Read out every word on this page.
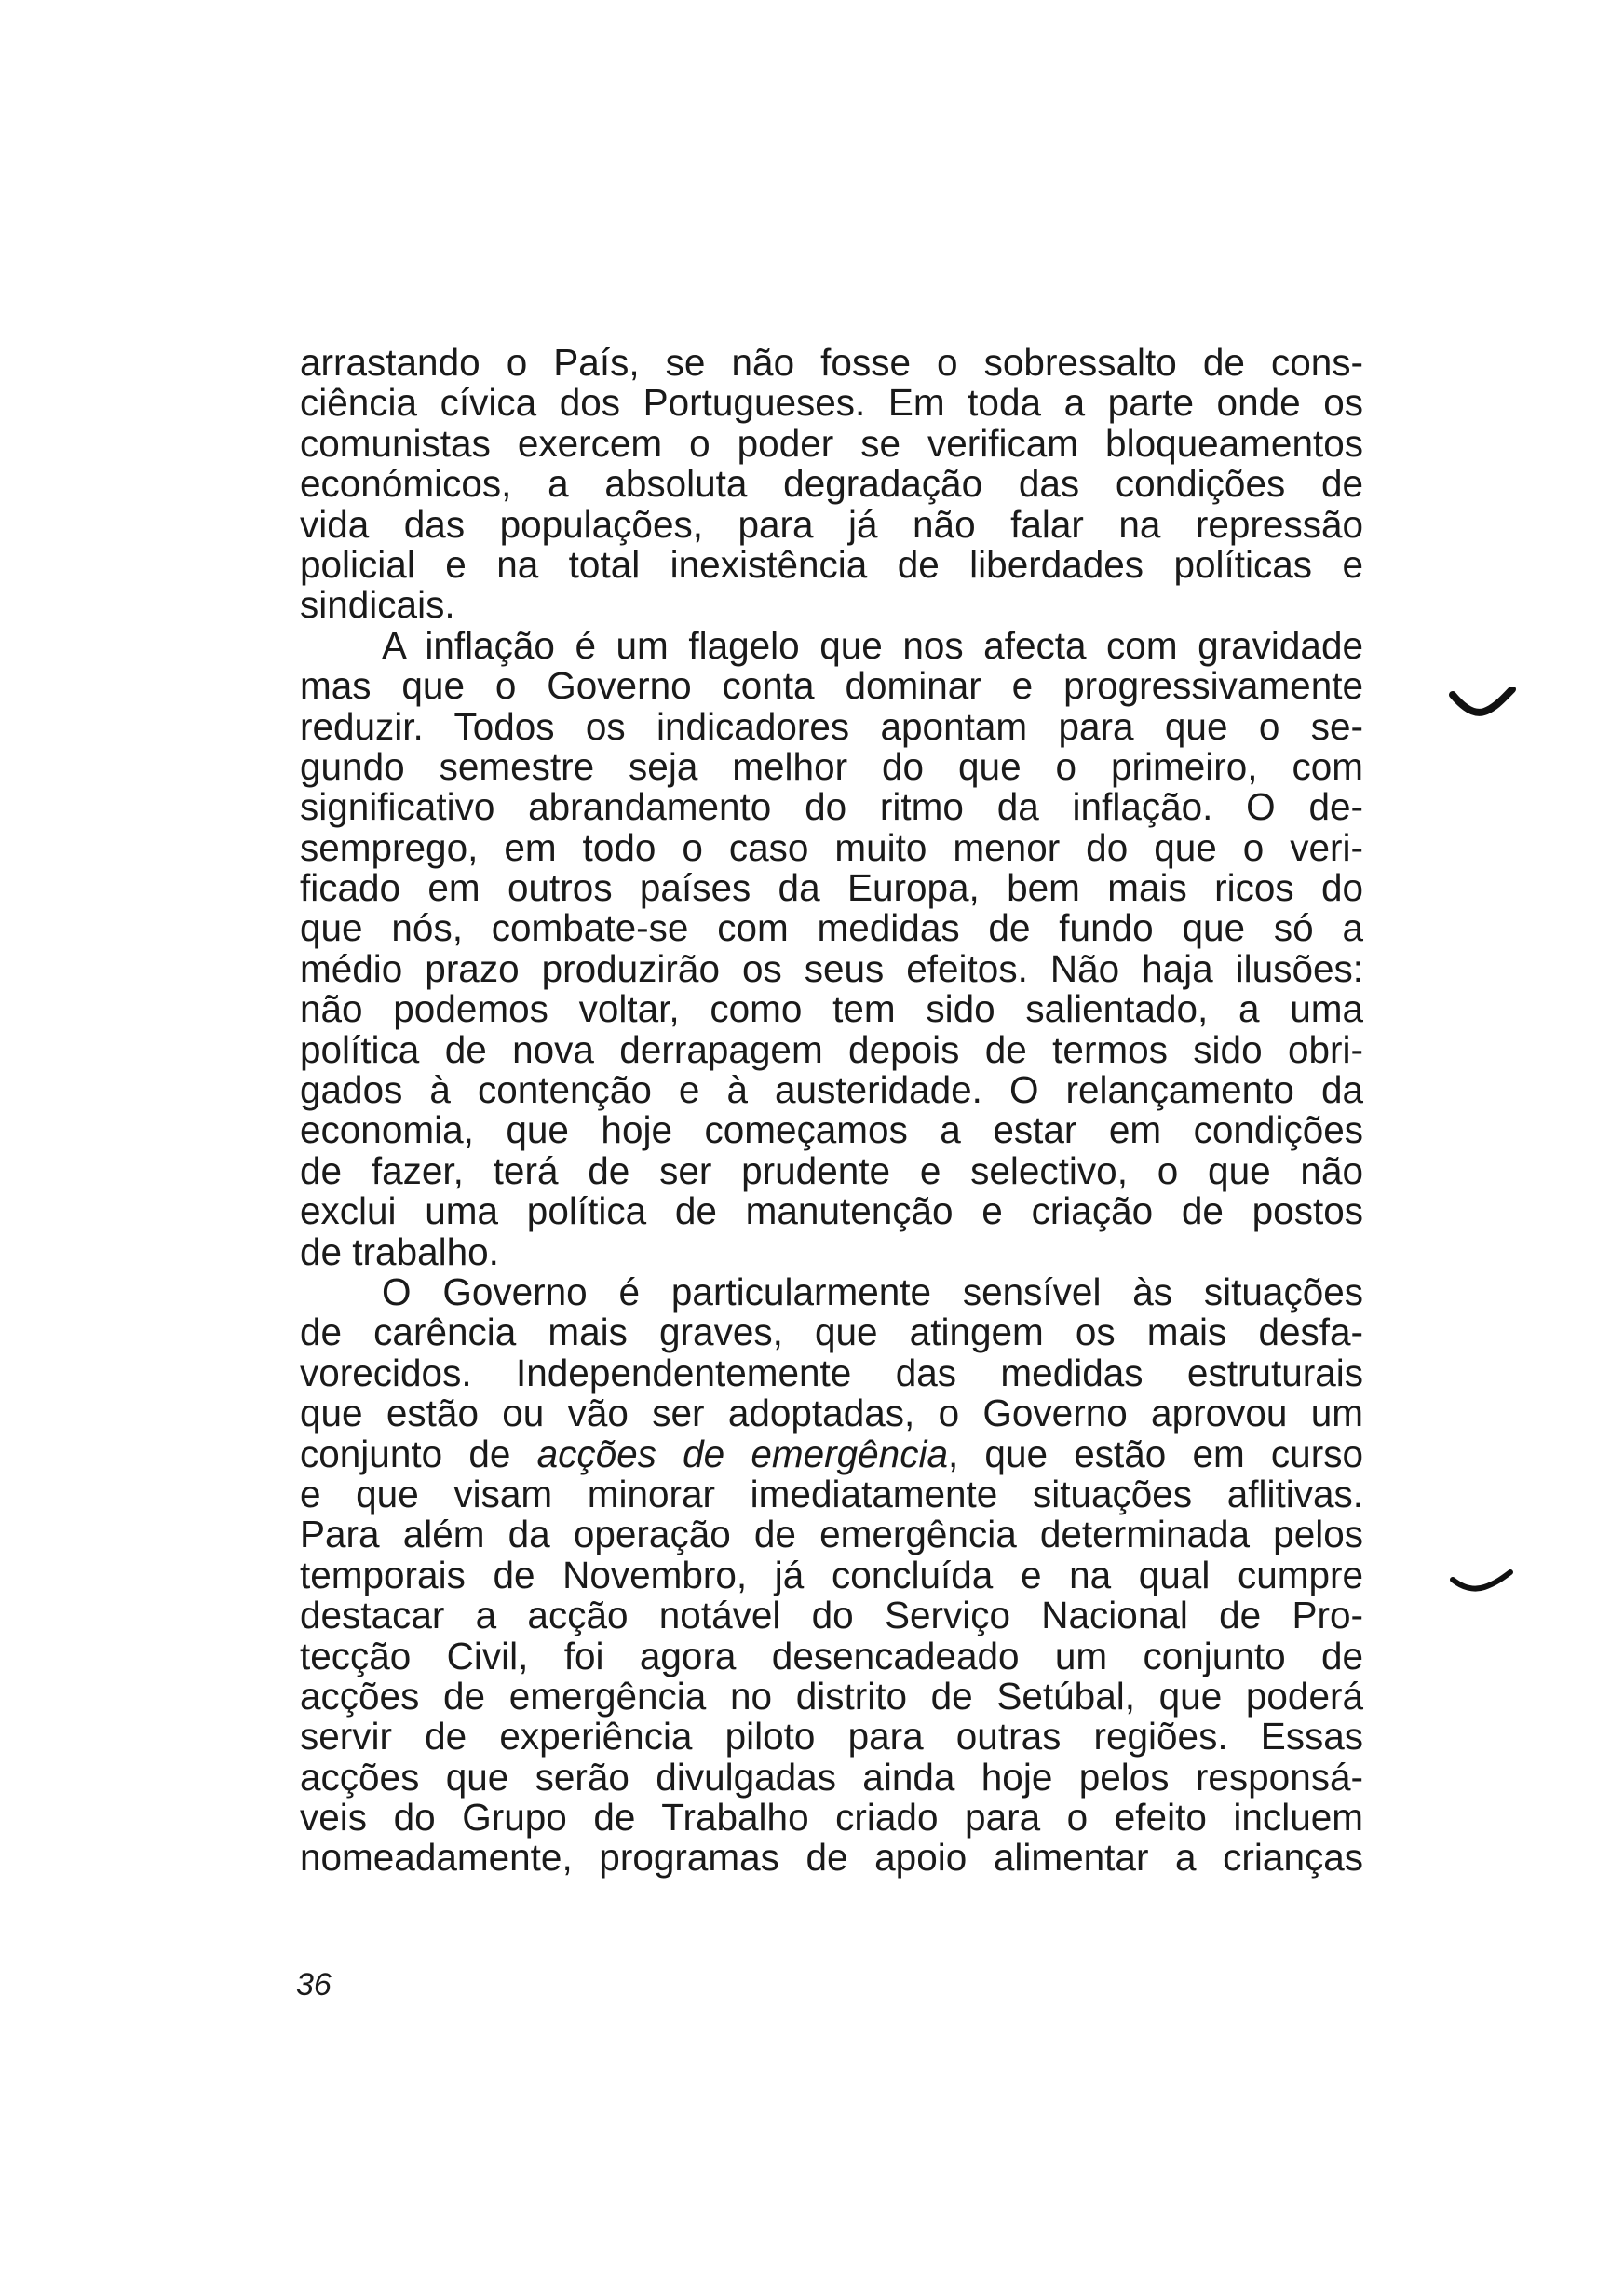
arrastando o País, se não fosse o sobressalto de cons-
ciência cívica dos Portugueses. Em toda a parte onde os
comunistas exercem o poder se verificam bloqueamentos
económicos, a absoluta degradação das condições de
vida das populações, para já não falar na repressão
policial e na total inexistência de liberdades políticas e
sindicais.
A inflação é um flagelo que nos afecta com gravidade
mas que o Governo conta dominar e progressivamente
reduzir. Todos os indicadores apontam para que o se-
gundo semestre seja melhor do que o primeiro, com
significativo abrandamento do ritmo da inflação. O de-
semprego, em todo o caso muito menor do que o veri-
ficado em outros países da Europa, bem mais ricos do
que nós, combate-se com medidas de fundo que só a
médio prazo produzirão os seus efeitos. Não haja ilusões:
não podemos voltar, como tem sido salientado, a uma
política de nova derrapagem depois de termos sido obri-
gados à contenção e à austeridade. O relançamento da
economia, que hoje começamos a estar em condições
de fazer, terá de ser prudente e selectivo, o que não
exclui uma política de manutenção e criação de postos
de trabalho.
O Governo é particularmente sensível às situações
de carência mais graves, que atingem os mais desfa-
vorecidos. Independentemente das medidas estruturais
que estão ou vão ser adoptadas, o Governo aprovou um
conjunto de acções de emergência, que estão em curso
e que visam minorar imediatamente situações aflitivas.
Para além da operação de emergência determinada pelos
temporais de Novembro, já concluída e na qual cumpre
destacar a acção notável do Serviço Nacional de Pro-
tecção Civil, foi agora desencadeado um conjunto de
acções de emergência no distrito de Setúbal, que poderá
servir de experiência piloto para outras regiões. Essas
acções que serão divulgadas ainda hoje pelos responsá-
veis do Grupo de Trabalho criado para o efeito incluem
nomeadamente, programas de apoio alimentar a crianças
36
